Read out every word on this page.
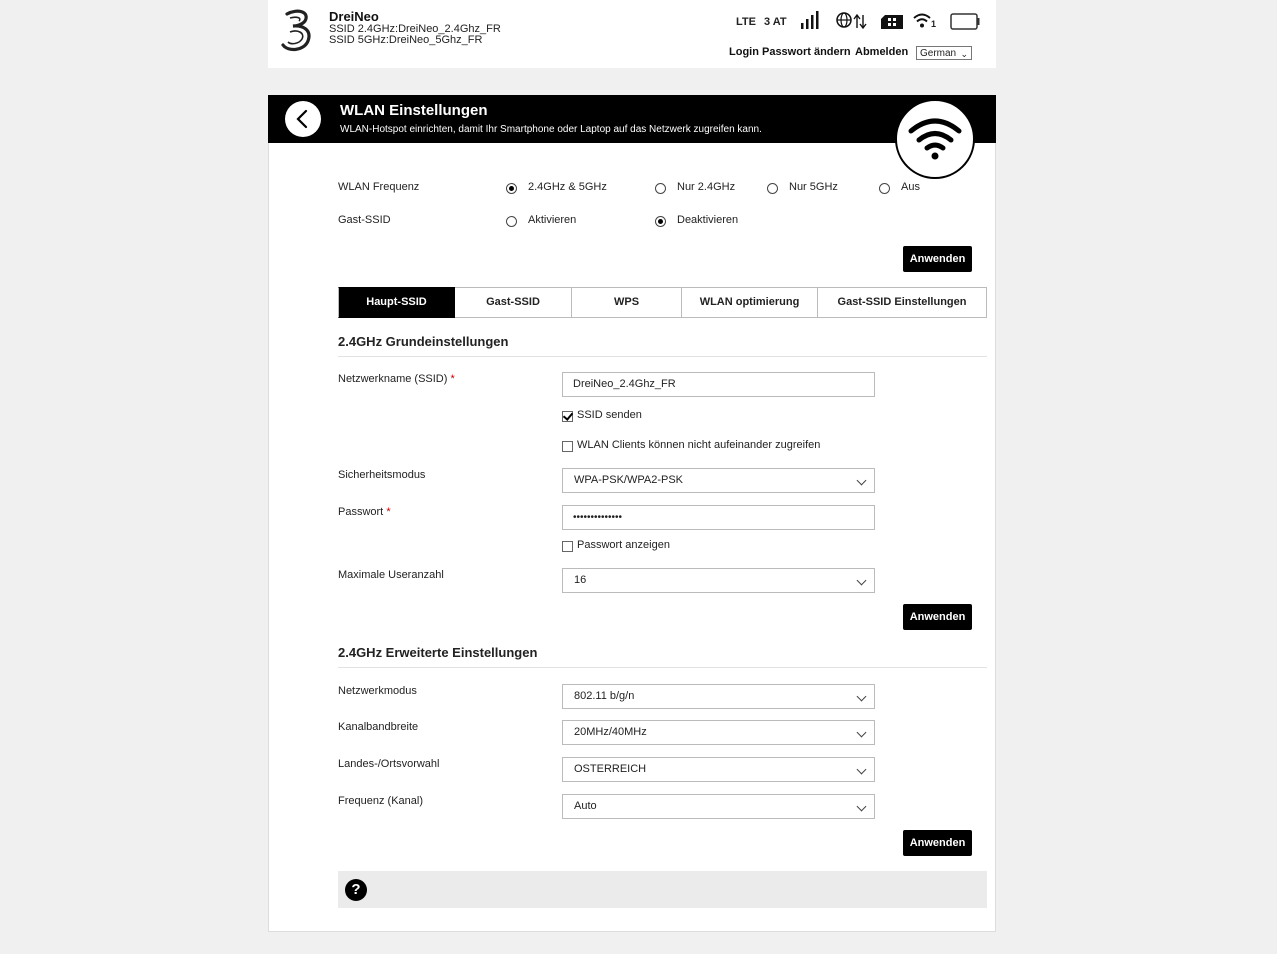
DreiNeo
SSID 2.4GHz:DreiNeo_2.4Ghz_FR
SSID 5GHz:DreiNeo_5Ghz_FR
LTE 3 AT	1
Login Passwort ändern Abmelden	German ⌄
WLAN Einstellungen
WLAN-Hotspot einrichten, damit Ihr Smartphone oder Laptop auf das Netzwerk zugreifen kann.
WLAN Frequenz	2.4GHz & 5GHz	Nur 2.4GHz	Nur 5GHz	Aus
Gast-SSID	Aktivieren	Deaktivieren
Anwenden
Haupt-SSID	Gast-SSID	WPS	WLAN optimierung	Gast-SSID Einstellungen
2.4GHz Grundeinstellungen
Netzwerkname (SSID) *	DreiNeo_2.4Ghz_FR
SSID senden
WLAN Clients können nicht aufeinander zugreifen
Sicherheitsmodus	WPA-PSK/WPA2-PSK
Passwort *	••••••••••••••
Passwort anzeigen
Maximale Useranzahl	16
Anwenden
2.4GHz Erweiterte Einstellungen
Netzwerkmodus	802.11 b/g/n
Kanalbandbreite	20MHz/40MHz
Landes-/Ortsvorwahl	OSTERREICH
Frequenz (Kanal)	Auto
Anwenden
?
